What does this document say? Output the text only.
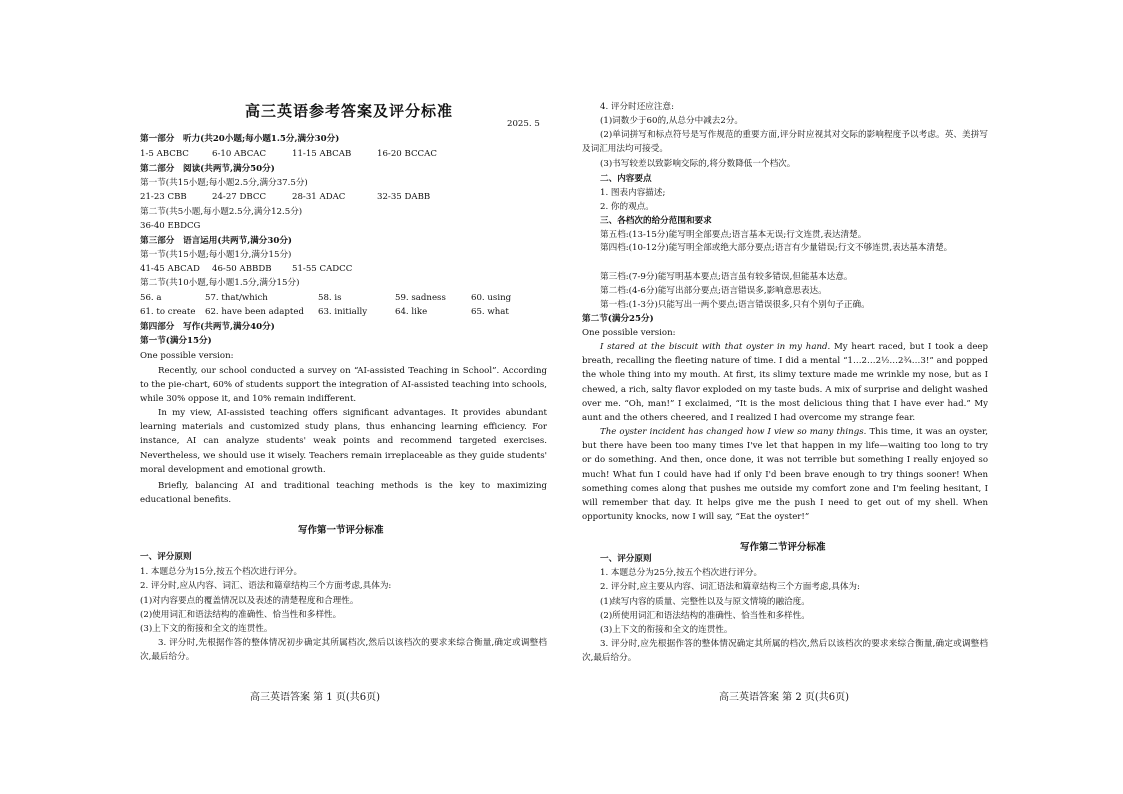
高三英语参考答案及评分标准
2025. 5
第一部分　听力(共20小题;每小题1.5分,满分30分)
1-5 ABCBC	6-10 ABCAC	11-15 ABCAB	16-20 BCCAC
第二部分　阅读(共两节,满分50分)
第一节(共15小题;每小题2.5分,满分37.5分)
21-23 CBB	24-27 DBCC	28-31 ADAC	32-35 DABB
第二节(共5小题,每小题2.5分,满分12.5分)
36-40 EBDCG
第三部分　语言运用(共两节,满分30分)
第一节(共15小题;每小题1分,满分15分)
41-45 ABCAD 46-50 ABBDB 51-55 CADCC
第二节(共10小题,每小题1.5分,满分15分)
56. a	57. that/which	58. is	59. sadness	60. using
61. to create 62. have been adapted 63. initially	64. like	65. what
第四部分　写作(共两节,满分40分)
第一节(满分15分)
One possible version:

Recently, our school conducted a survey on “AI-assisted Teaching in School”. According to the pie-chart, 60% of students support the integration of AI-assisted teaching into schools, while 30% oppose it, and 10% remain indifferent.

In my view, AI-assisted teaching offers significant advantages. It provides abundant learning materials and customized study plans, thus enhancing learning efficiency. For instance, AI can analyze students' weak points and recommend targeted exercises. Nevertheless, we should use it wisely. Teachers remain irreplaceable as they guide students' moral development and emotional growth.

Briefly, balancing AI and traditional teaching methods is the key to maximizing educational benefits.

写作第一节评分标准
一、评分原则
1. 本题总分为15分,按五个档次进行评分。
2. 评分时,应从内容、词汇、语法和篇章结构三个方面考虑,具体为:
(1)对内容要点的覆盖情况以及表述的清楚程度和合理性。
(2)使用词汇和语法结构的准确性、恰当性和多样性。
(3)上下文的衔接和全文的连贯性。

3. 评分时,先根据作答的整体情况初步确定其所属档次,然后以该档次的要求来综合衡量,确定或调整档次,最后给分。

高三英语答案 第 1 页(共6页)
4. 评分时还应注意:
(1)词数少于60的,从总分中减去2分。

(2)单词拼写和标点符号是写作规范的重要方面,评分时应视其对交际的影响程度予以考虑。英、美拼写及词汇用法均可接受。

(3)书写较差以致影响交际的,将分数降低一个档次。
二、内容要点
1. 图表内容描述;
2. 你的观点。
三、各档次的给分范围和要求
第五档:(13-15分)能写明全部要点;语言基本无误;行文连贯,表达清楚。

第四档:(10-12分)能写明全部或绝大部分要点;语言有少量错误;行文不够连贯,表达基本清楚。

第三档:(7-9分)能写明基本要点;语言虽有较多错误,但能基本达意。
第二档:(4-6分)能写出部分要点;语言错误多,影响意思表达。
第一档:(1-3分)只能写出一两个要点;语言错误很多,只有个别句子正确。
第二节(满分25分)
One possible version:

I stared at the biscuit with that oyster in my hand. My heart raced, but I took a deep breath, recalling the fleeting nature of time. I did a mental “1…2…2½…2¾…3!” and popped the whole thing into my mouth. At first, its slimy texture made me wrinkle my nose, but as I chewed, a rich, salty flavor exploded on my taste buds. A mix of surprise and delight washed over me. “Oh, man!” I exclaimed, “It is the most delicious thing that I have ever had.” My aunt and the others cheered, and I realized I had overcome my strange fear.

The oyster incident has changed how I view so many things. This time, it was an oyster, but there have been too many times I've let that happen in my life—waiting too long to try or do something. And then, once done, it was not terrible but something I really enjoyed so much! What fun I could have had if only I'd been brave enough to try things sooner! When something comes along that pushes me outside my comfort zone and I'm feeling hesitant, I will remember that day. It helps give me the push I need to get out of my shell. When opportunity knocks, now I will say, “Eat the oyster!”

写作第二节评分标准
一、评分原则
1. 本题总分为25分,按五个档次进行评分。
2. 评分时,应主要从内容、词汇语法和篇章结构三个方面考虑,具体为:
(1)续写内容的质量、完整性以及与原文情境的融洽度。
(2)所使用词汇和语法结构的准确性、恰当性和多样性。
(3)上下文的衔接和全文的连贯性。

3. 评分时,应先根据作答的整体情况确定其所属的档次,然后以该档次的要求来综合衡量,确定或调整档次,最后给分。

高三英语答案 第 2 页(共6页)
